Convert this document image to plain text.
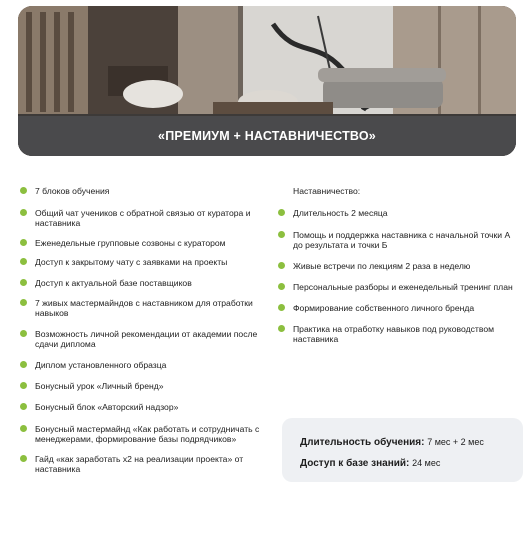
«ПРЕМИУМ + НАСТАВНИЧЕСТВО»
7 блоков обучения
Общий чат учеников с обратной связью от куратора и наставника
Еженедельные групповые созвоны с куратором
Доступ к закрытому чату с заявками на проекты
Доступ к актуальной базе поставщиков
7 живых мастермайндов с наставником для отработки навыков
Возможность личной рекомендации от академии после сдачи диплома
Диплом установленного образца
Бонусный урок «Личный бренд»
Бонусный блок «Авторский надзор»
Бонусный мастермайнд «Как работать и сотрудничать с менеджерами, формирование базы подрядчиков»
Гайд «как заработать x2 на реализации проекта» от наставника
Наставничество:
Длительность 2 месяца
Помощь и поддержка наставника с начальной точки А до результата и точки Б
Живые встречи по лекциям 2 раза в неделю
Персональные разборы и еженедельный тренинг план
Формирование собственного личного бренда
Практика на отработку навыков под руководством наставника
Длительность обучения: 7 мес + 2 мес
Доступ к базе знаний: 24 мес
